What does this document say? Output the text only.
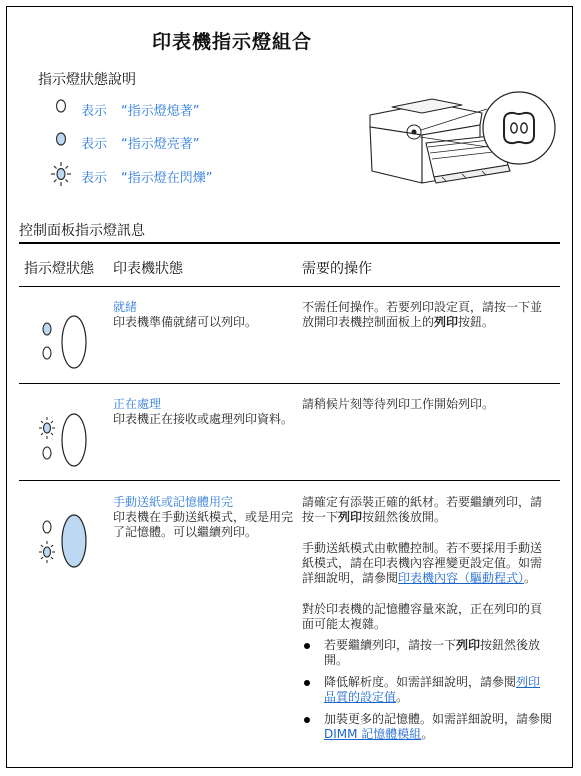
印表機指示燈組合
指示燈狀態說明
表示 “指示燈熄著”
表示 “指示燈亮著”
表示 “指示燈在閃爍”
控制面板指示燈訊息
指示燈狀態 印表機狀態	需要的操作
就緒
印表機準備就緒可以列印。
不需任何操作。若要列印設定頁，請按一下並放開印表機控制面板上的列印按鈕。
正在處理
印表機正在接收或處理列印資料。
請稍候片刻等待列印工作開始列印。
手動送紙或記憶體用完
印表機在手動送紙模式，或是用完了記憶體。可以繼續列印。

請確定有添裝正確的紙材。若要繼續列印，請按一下列印按鈕然後放開。

手動送紙模式由軟體控制。若不要採用手動送紙模式，請在印表機內容裡變更設定值。如需詳細說明，請參閱印表機內容（驅動程式）。

對於印表機的記憶體容量來說，正在列印的頁面可能太複雜。

若要繼續列印，請按一下列印按鈕然後放開。
降低解析度。如需詳細說明，請參閱列印品質的設定值。
加裝更多的記憶體。如需詳細說明，請參閱DIMM 記憶體模組。
